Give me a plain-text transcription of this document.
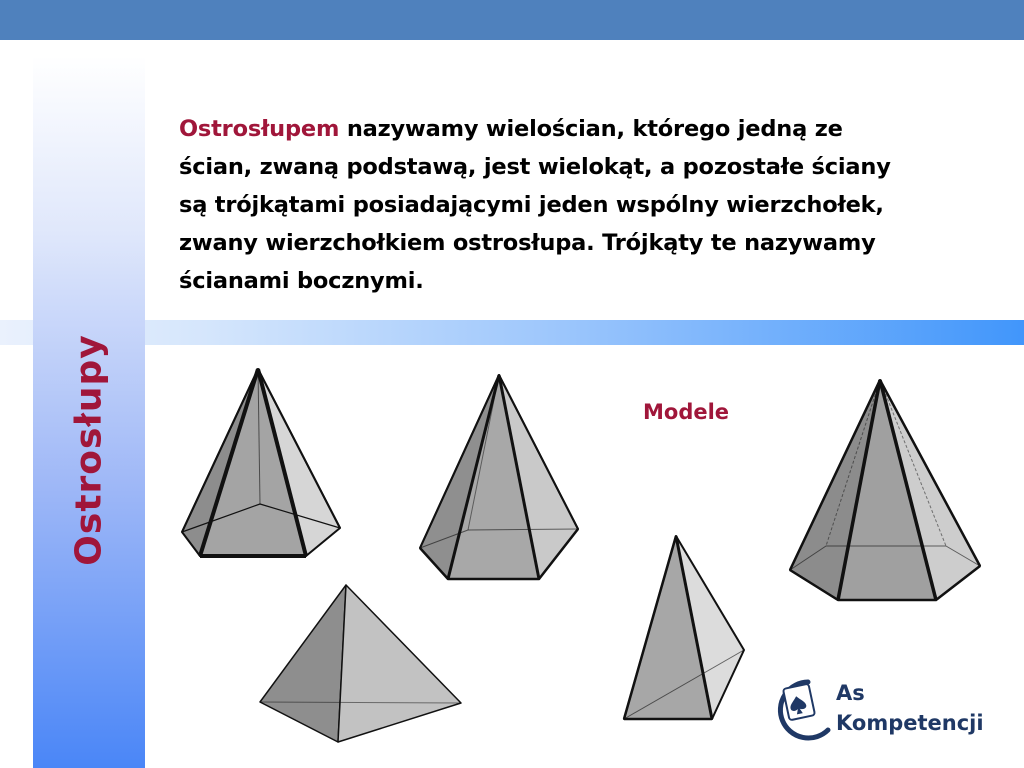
Ostrosłupy
Ostrosłupem nazywamy wielościan, którego jedną ze ścian, zwaną podstawą, jest wielokąt, a pozostałe ściany są trójkątami posiadającymi jeden wspólny wierzchołek, zwany wierzchołkiem ostrosłupa. Trójkąty te nazywamy ścianami bocznymi.
Modele
As
Kompetencji
